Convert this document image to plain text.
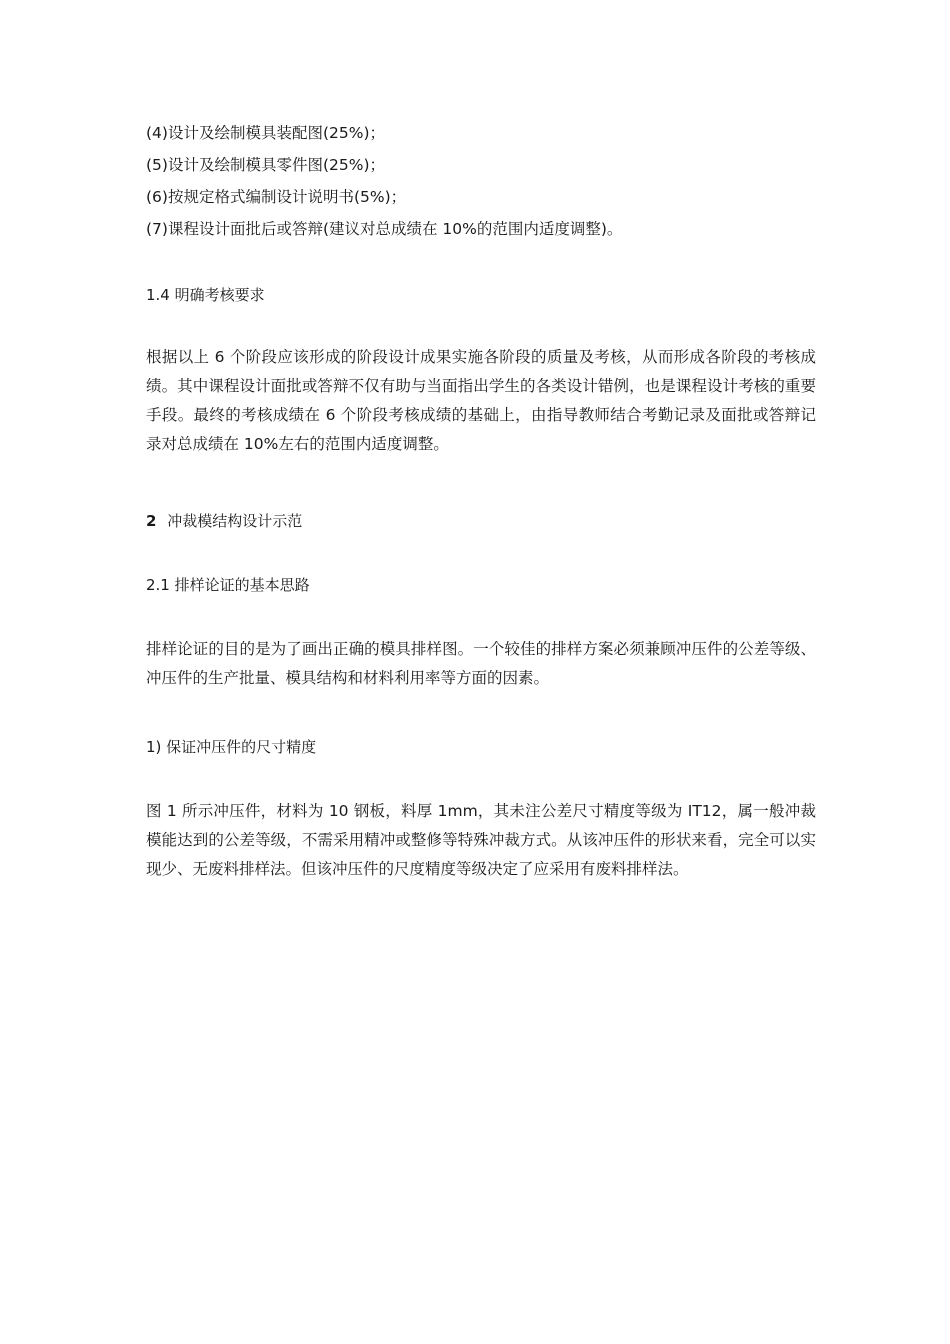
(4)设计及绘制模具装配图(25%)；
(5)设计及绘制模具零件图(25%)；
(6)按规定格式编制设计说明书(5%)；
(7)课程设计面批后或答辩(建议对总成绩在 10%的范围内适度调整)。
1.4 明确考核要求
根据以上 6 个阶段应该形成的阶段设计成果实施各阶段的质量及考核，从而形成各阶段的考核成绩。其中课程设计面批或答辩不仅有助与当面指出学生的各类设计错例，也是课程设计考核的重要手段。最终的考核成绩在 6 个阶段考核成绩的基础上，由指导教师结合考勤记录及面批或答辩记录对总成绩在 10%左右的范围内适度调整。
2 冲裁模结构设计示范
2.1 排样论证的基本思路
排样论证的目的是为了画出正确的模具排样图。一个较佳的排样方案必须兼顾冲压件的公差等级、冲压件的生产批量、模具结构和材料利用率等方面的因素。
1) 保证冲压件的尺寸精度
图 1 所示冲压件，材料为 10 钢板，料厚 1mm，其未注公差尺寸精度等级为 IT12，属一般冲裁模能达到的公差等级，不需采用精冲或整修等特殊冲裁方式。从该冲压件的形状来看，完全可以实现少、无废料排样法。但该冲压件的尺度精度等级决定了应采用有废料排样法。
